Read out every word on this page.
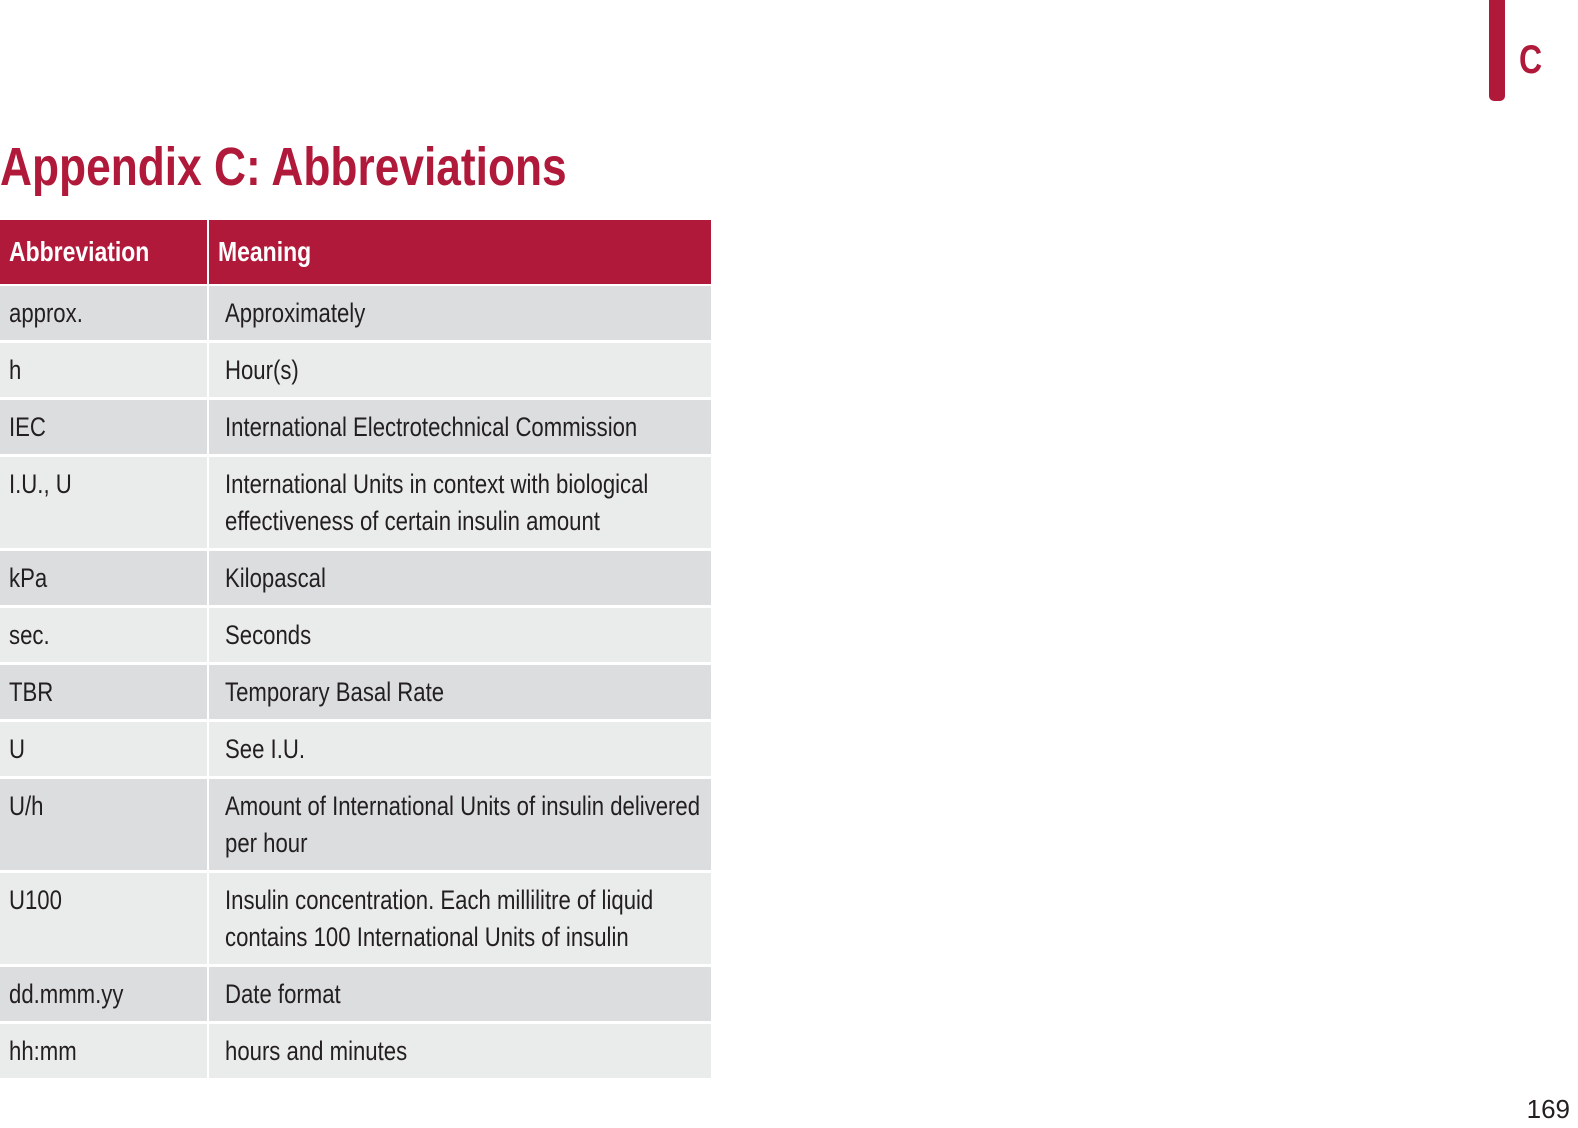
C
Appendix C: Abbreviations
Abbreviation	Meaning
approx.	Approximately
h	Hour(s)
IEC	International Electrotechnical Commission
I.U., U	International Units in context with biological effectiveness of certain insulin amount
kPa	Kilopascal
sec.	Seconds
TBR	Temporary Basal Rate
U	See I.U.
U/h	Amount of International Units of insulin delivered per hour
U100	Insulin concentration. Each millilitre of liquid contains 100 International Units of insulin
dd.mmm.yy	Date format
hh:mm	hours and minutes
169
